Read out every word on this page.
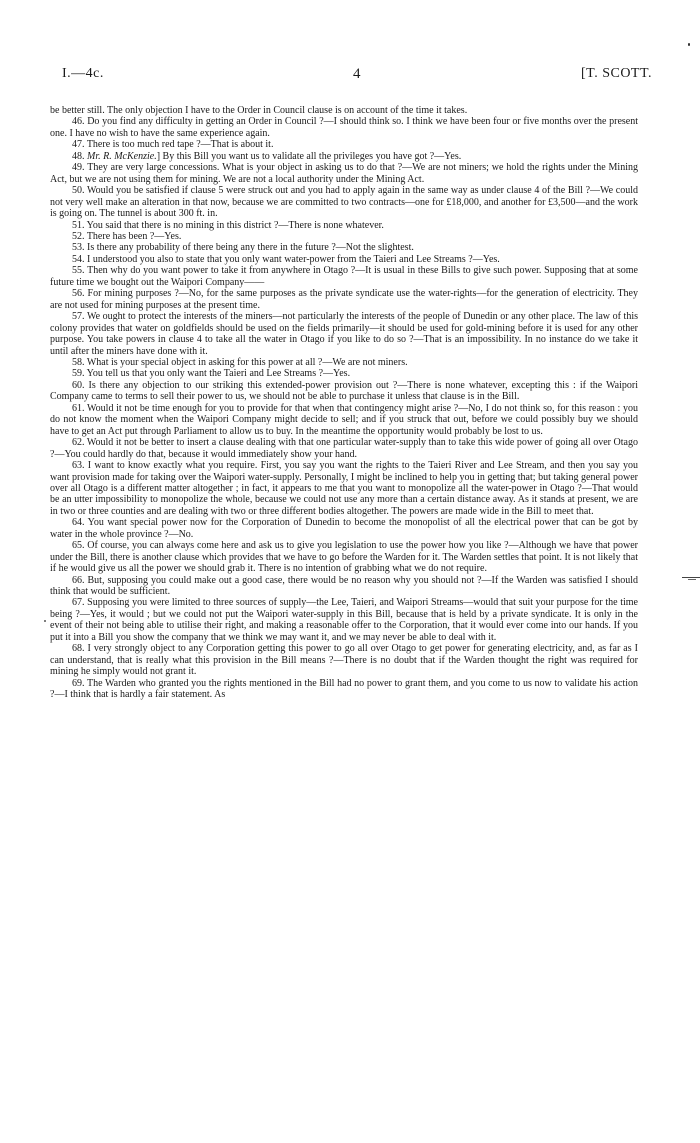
I.—4c.	4	[T. SCOTT.

be better still. The only objection I have to the Order in Council clause is on account of the time it takes.

46. Do you find any difficulty in getting an Order in Council ?—I should think so. I think we have been four or five months over the present one. I have no wish to have the same experience again.

47. There is too much red tape ?—That is about it.

48. Mr. R. McKenzie.] By this Bill you want us to validate all the privileges you have got ?—Yes.

49. They are very large concessions. What is your object in asking us to do that ?—We are not miners; we hold the rights under the Mining Act, but we are not using them for mining. We are not a local authority under the Mining Act.

50. Would you be satisfied if clause 5 were struck out and you had to apply again in the same way as under clause 4 of the Bill ?—We could not very well make an alteration in that now, because we are committed to two contracts—one for £18,000, and another for £3,500—and the work is going on. The tunnel is about 300 ft. in.

51. You said that there is no mining in this district ?—There is none whatever.

52. There has been ?—Yes.

53. Is there any probability of there being any there in the future ?—Not the slightest.

54. I understood you also to state that you only want water-power from the Taieri and Lee Streams ?—Yes.

55. Then why do you want power to take it from anywhere in Otago ?—It is usual in these Bills to give such power. Supposing that at some future time we bought out the Waipori Company——

56. For mining purposes ?—No, for the same purposes as the private syndicate use the water-rights—for the generation of electricity. They are not used for mining purposes at the present time.

57. We ought to protect the interests of the miners—not particularly the interests of the people of Dunedin or any other place. The law of this colony provides that water on goldfields should be used on the fields primarily—it should be used for gold-mining before it is used for any other purpose. You take powers in clause 4 to take all the water in Otago if you like to do so ?—That is an impossibility. In no instance do we take it until after the miners have done with it.

58. What is your special object in asking for this power at all ?—We are not miners.

59. You tell us that you only want the Taieri and Lee Streams ?—Yes.

60. Is there any objection to our striking this extended-power provision out ?—There is none whatever, excepting this : if the Waipori Company came to terms to sell their power to us, we should not be able to purchase it unless that clause is in the Bill.

61. Would it not be time enough for you to provide for that when that contingency might arise ?—No, I do not think so, for this reason : you do not know the moment when the Waipori Company might decide to sell; and if you struck that out, before we could possibly buy we should have to get an Act put through Parliament to allow us to buy. In the meantime the opportunity would probably be lost to us.

62. Would it not be better to insert a clause dealing with that one particular water-supply than to take this wide power of going all over Otago ?—You could hardly do that, because it would immediately show your hand.

63. I want to know exactly what you require. First, you say you want the rights to the Taieri River and Lee Stream, and then you say you want provision made for taking over the Waipori water-supply. Personally, I might be inclined to help you in getting that; but taking general power over all Otago is a different matter altogether ; in fact, it appears to me that you want to monopolize all the water-power in Otago ?—That would be an utter impossibility to monopolize the whole, because we could not use any more than a certain distance away. As it stands at present, we are in two or three counties and are dealing with two or three different bodies altogether. The powers are made wide in the Bill to meet that.

64. You want special power now for the Corporation of Dunedin to become the monopolist of all the electrical power that can be got by water in the whole province ?—No.

65. Of course, you can always come here and ask us to give you legislation to use the power how you like ?—Although we have that power under the Bill, there is another clause which provides that we have to go before the Warden for it. The Warden settles that point. It is not likely that if he would give us all the power we should grab it. There is no intention of grabbing what we do not require.

66. But, supposing you could make out a good case, there would be no reason why you should not ?—If the Warden was satisfied I should think that would be sufficient.

67. Supposing you were limited to three sources of supply—the Lee, Taieri, and Waipori Streams—would that suit your purpose for the time being ?—Yes, it would ; but we could not put the Waipori water-supply in this Bill, because that is held by a private syndicate. It is only in the event of their not being able to utilise their right, and making a reasonable offer to the Corporation, that it would ever come into our hands. If you put it into a Bill you show the company that we think we may want it, and we may never be able to deal with it.

68. I very strongly object to any Corporation getting this power to go all over Otago to get power for generating electricity, and, as far as I can understand, that is really what this provision in the Bill means ?—There is no doubt that if the Warden thought the right was required for mining he simply would not grant it.

69. The Warden who granted you the rights mentioned in the Bill had no power to grant them, and you come to us now to validate his action ?—I think that is hardly a fair statement. As
